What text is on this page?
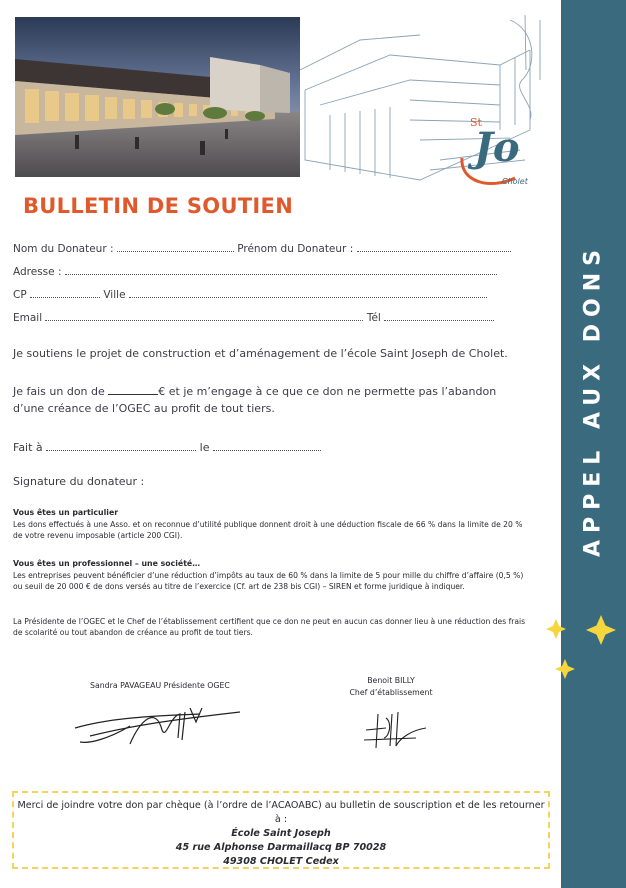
St
Jo
Cholet
APPEL AUX DONS
BULLETIN DE SOUTIEN
Nom du Donateur :	Prénom du Donateur :
Adresse :
CP	Ville
Email	Tél
Je soutiens le projet de construction et d’aménagement de l’école Saint Joseph de Cholet.
Je fais un don de	€ et je m’engage à ce que ce don ne permette pas l’abandon
d’une créance de l’OGEC au profit de tout tiers.
Fait à	le
Signature du donateur :
Vous êtes un particulier
Les dons effectués à une Asso. et on reconnue d’utilité publique donnent droit à une déduction fiscale de 66 % dans la limite de 20 %
de votre revenu imposable (article 200 CGI).
Vous êtes un professionnel – une société…
Les entreprises peuvent bénéficier d’une réduction d’impôts au taux de 60 % dans la limite de 5 pour mille du chiffre d’affaire (0,5 %)
ou seuil de 20 000 € de dons versés au titre de l’exercice (Cf. art de 238 bis CGI) – SIREN et forme juridique à indiquer.
La Présidente de l’OGEC et le Chef de l’établissement certifient que ce don ne peut en aucun cas donner lieu à une réduction des frais
de scolarité ou tout abandon de créance au profit de tout tiers.
Sandra PAVAGEAU Présidente OGEC
Benoit BILLY
Chef d’établissement
Merci de joindre votre don par chèque (à l’ordre de l’ACAOABC) au bulletin de souscription et de les retourner à :
École Saint Joseph
45 rue Alphonse Darmaillacq BP 70028
49308 CHOLET Cedex
